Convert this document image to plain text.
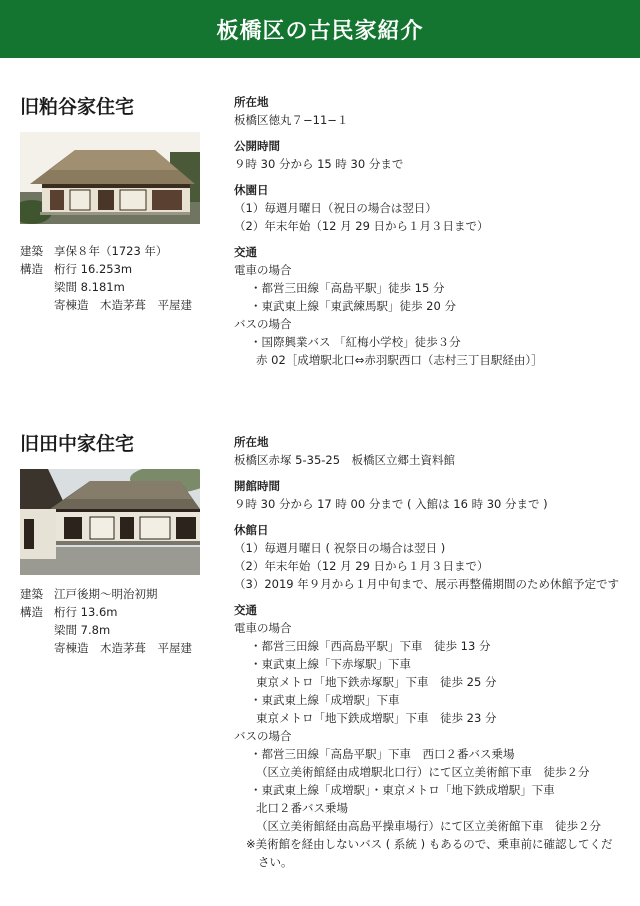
板橋区の古民家紹介
旧粕谷家住宅
建築 享保８年（1723 年）
構造 桁行 16.253m
梁間 8.181m
寄棟造　木造茅葺　平屋建
所在地
板橋区徳丸７−11−１
公開時間
９時 30 分から 15 時 30 分まで
休園日
（1）毎週月曜日（祝日の場合は翌日）
（2）年末年始（12 月 29 日から１月３日まで）
交通
電車の場合
・都営三田線「高島平駅」徒歩 15 分
・東武東上線「東武練馬駅」徒歩 20 分
バスの場合
・国際興業バス 「紅梅小学校」徒歩３分
赤 02［成増駅北口⇔赤羽駅西口（志村三丁目駅経由）］
旧田中家住宅
建築 江戸後期〜明治初期
構造 桁行 13.6m
梁間 7.8m
寄棟造　木造茅葺　平屋建
所在地
板橋区赤塚 5-35-25　板橋区立郷土資料館
開館時間
９時 30 分から 17 時 00 分まで ( 入館は 16 時 30 分まで )
休館日
（1）毎週月曜日 ( 祝祭日の場合は翌日 )
（2）年末年始（12 月 29 日から１月３日まで）
（3）2019 年９月から１月中旬まで、展示再整備期間のため休館予定です
交通
電車の場合
・都営三田線「西高島平駅」下車　徒歩 13 分
・東武東上線「下赤塚駅」下車
東京メトロ「地下鉄赤塚駅」下車　徒歩 25 分
・東武東上線「成増駅」下車
東京メトロ「地下鉄成増駅」下車　徒歩 23 分
バスの場合
・都営三田線「高島平駅」下車　西口２番バス乗場
（区立美術館経由成増駅北口行）にて区立美術館下車　徒歩２分
・東武東上線「成増駅」・東京メトロ「地下鉄成増駅」下車
北口２番バス乗場
（区立美術館経由高島平操車場行）にて区立美術館下車　徒歩２分
※美術館を経由しないバス ( 系統 ) もあるので、乗車前に確認してください。
